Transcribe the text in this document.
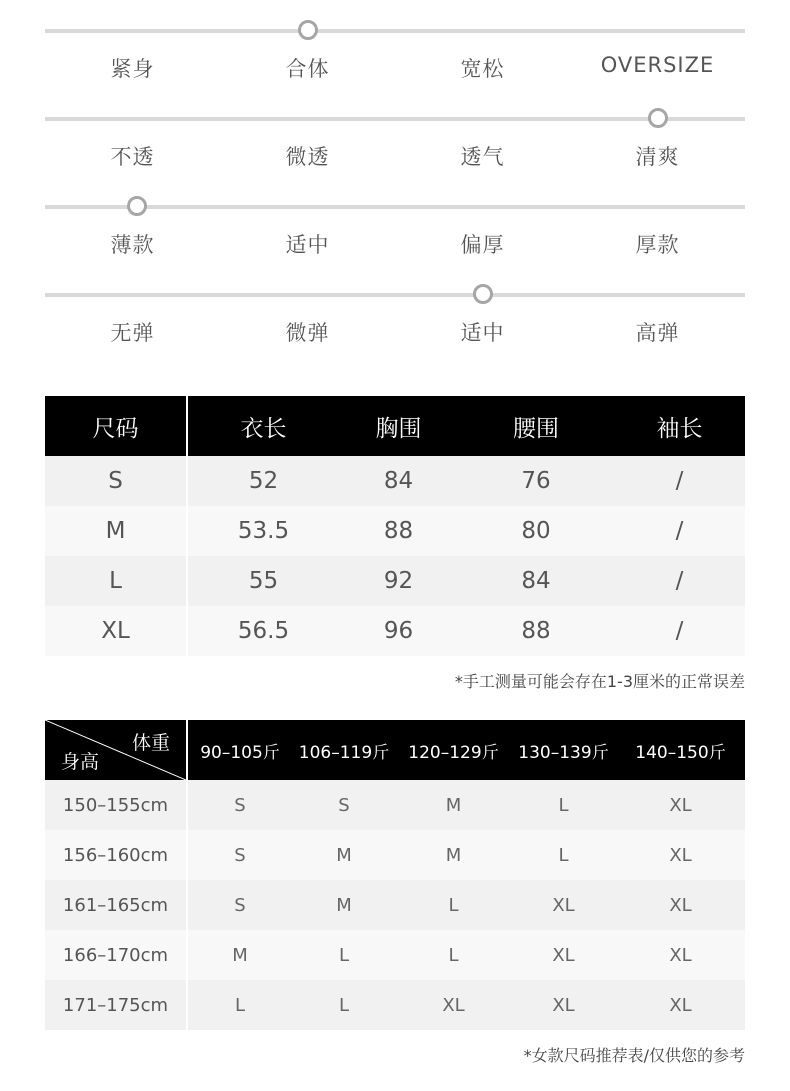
紧身	合体	宽松	OVERSIZE
不透	微透	透气	清爽
薄款	适中	偏厚	厚款
无弹	微弹	适中	高弹
尺码	衣长	胸围	腰围	袖长
S	52	84	76	/
M	53.5	88	80	/
L	55	92	84	/
XL	56.5	96	88	/
*手工测量可能会存在1-3厘米的正常误差
体重
身高	90–105斤	106–119斤	120–129斤	130–139斤	140–150斤
150–155cm	S	S	M	L	XL
156–160cm	S	M	M	L	XL
161–165cm	S	M	L	XL	XL
166–170cm	M	L	L	XL	XL
171–175cm	L	L	XL	XL	XL
*女款尺码推荐表/仅供您的参考
